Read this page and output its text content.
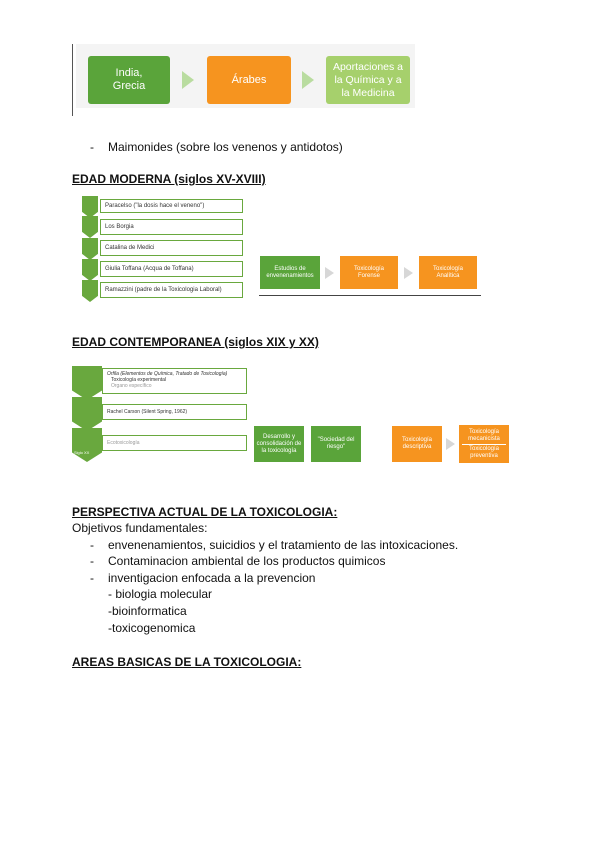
India, Grecia
Árabes
Aportaciones a la Química y a la Medicina
- Maimonides (sobre los venenos y antidotos)
EDAD MODERNA (siglos XV-XVIII)
Paracelso ("la dosis hace el veneno")
Los Borgia
Catalina de Medici
Giulia Toffana (Acqua de Toffana)
Ramazzini (padre de la Toxicologia Laboral)
Estudios de envenenamientos
Toxicología Forense
Toxicología Analítica
EDAD CONTEMPORANEA (siglos XIX y XX)
Siglo XX
Orfila (Elementos de Química, Tratado de Toxicología)
Toxicología experimental
Organo específico
Rachel Carson (Silent Spring, 1962)
Ecotoxicología
Desarrollo y consolidación de la toxicología
"Sociedad del riesgo"
Toxicología descriptiva
Toxicología mecanicista
Toxicología preventiva
PERSPECTIVA ACTUAL DE LA TOXICOLOGIA:
Objetivos fundamentales:
- envenenamientos, suicidios y el tratamiento de las intoxicaciones.
- Contaminacion ambiental de los productos quimicos
- inventigacion enfocada a la prevencion
- biologia molecular
-bioinformatica
-toxicogenomica
AREAS BASICAS DE LA TOXICOLOGIA:
